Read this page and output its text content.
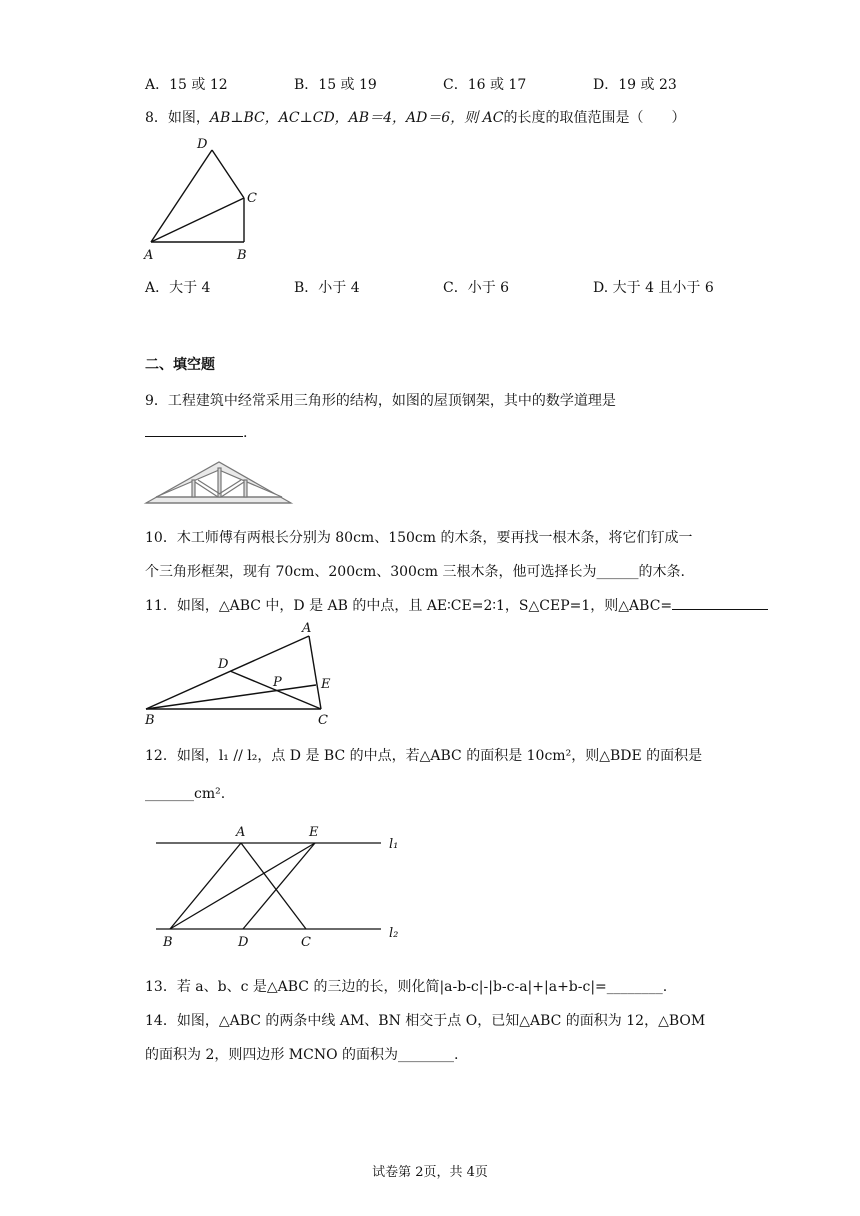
A．15 或 12	B．15 或 19	C．16 或 17	D．19 或 23
8．如图，AB⊥BC，AC⊥CD，AB＝4，AD＝6，则 AC的长度的取值范围是（　　）
D
C
A	B
A．大于 4	B．小于 4	C．小于 6	D. 大于 4 且小于 6
二、填空题
9．工程建筑中经常采用三角形的结构，如图的屋顶钢架，其中的数学道理是
.
10．木工师傅有两根长分别为 80cm、150cm 的木条，要再找一根木条，将它们钉成一
个三角形框架，现有 70cm、200cm、300cm 三根木条，他可选择长为______的木条.
11．如图，△ABC 中，D 是 AB 的中点，且 AE∶CE=2∶1，S△CEP=1，则△ABC=
A
D
P	E
B	C
12．如图，l₁ // l₂，点 D 是 BC 的中点，若△ABC 的面积是 10cm²，则△BDE 的面积是
_______cm².
A	E
l₁
B	D	C
l₂
13．若 a、b、c 是△ABC 的三边的长，则化简|a-b-c|-|b-c-a|+|a+b-c|=________.
14．如图，△ABC 的两条中线 AM、BN 相交于点 O，已知△ABC 的面积为 12，△BOM
的面积为 2，则四边形 MCNO 的面积为________.
试卷第 2页，共 4页
